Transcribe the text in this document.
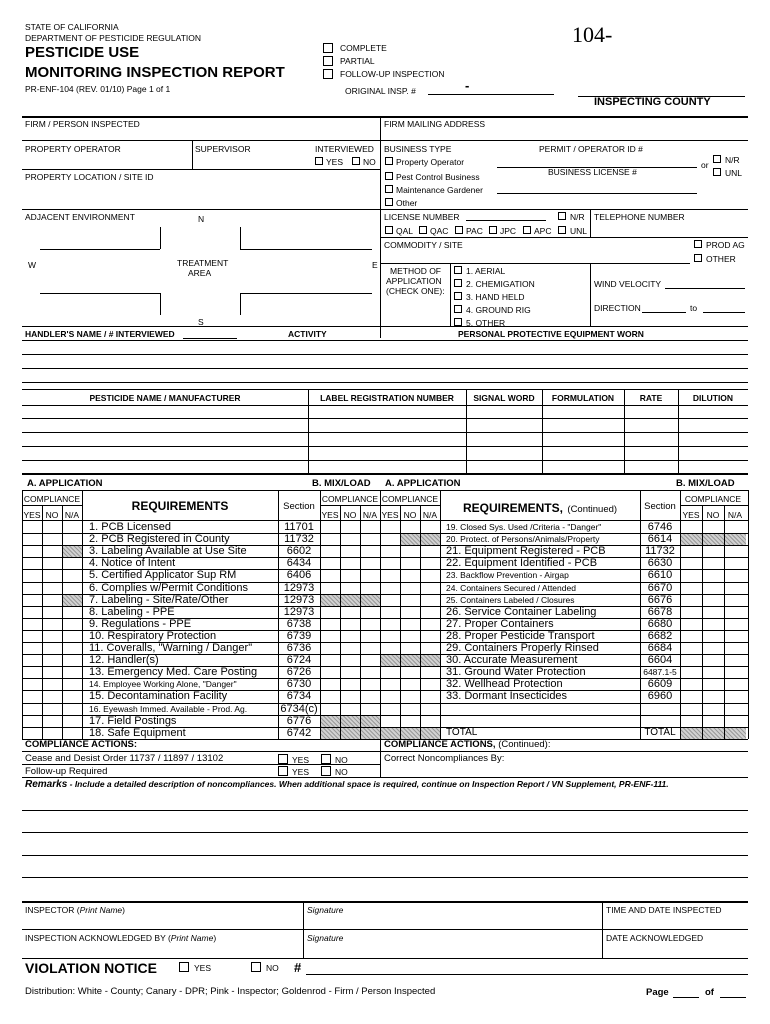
STATE OF CALIFORNIA
DEPARTMENT OF PESTICIDE REGULATION
PESTICIDE USE
MONITORING INSPECTION REPORT
PR-ENF-104 (REV. 01/10) Page 1 of 1
COMPLETE
PARTIAL
FOLLOW-UP INSPECTION
ORIGINAL INSP. #	-
104-
INSPECTING COUNTY
FIRM / PERSON INSPECTED	FIRM MAILING ADDRESS
PROPERTY OPERATOR	SUPERVISOR	INTERVIEWED
YES NO
BUSINESS TYPE	PERMIT / OPERATOR ID #
Property Operator	or N/R
UNL
BUSINESS LICENSE #
PROPERTY LOCATION / SITE ID	Pest Control Business
Maintenance Gardener
Other
ADJACENT ENVIRONMENT	N
W	TREATMENT
AREA
E
S
LICENSE NUMBER	N/R TELEPHONE NUMBER
QAL QAC PAC JPC APC UNL
COMMODITY / SITE	PROD AG
OTHER
METHOD OF
APPLICATION
(CHECK ONE):
1. AERIAL
2. CHEMIGATION
3. HAND HELD
4. GROUND RIG
5. OTHER
WIND VELOCITY
DIRECTION	to
HANDLER'S NAME / # INTERVIEWED	ACTIVITY	PERSONAL PROTECTIVE EQUIPMENT WORN
PESTICIDE NAME / MANUFACTURER	LABEL REGISTRATION NUMBER	SIGNAL WORD	FORMULATION	RATE	DILUTION
A. APPLICATION	B. MIX/LOAD A. APPLICATION	B. MIX/LOAD
COMPLIANCE
YES NO N/A
REQUIREMENTS	Section
COMPLIANCE
YES NO N/A
COMPLIANCE
YES NO N/A	REQUIREMENTS, (Continued)	Section
COMPLIANCE
YES NO	N/A
1. PCB Licensed	11701
2. PCB Registered in County	11732
3. Labeling Available at Use Site	6602
4. Notice of Intent	6434
5. Certified Applicator Sup RM	6406
6. Complies w/Permit Conditions	12973
7. Labeling - Site/Rate/Other	12973
8. Labeling - PPE	12973
9. Regulations - PPE	6738
10. Respiratory Protection	6739
11. Coveralls, "Warning / Danger"	6736
12. Handler(s)	6724
13. Emergency Med. Care Posting	6726
14. Employee Working Alone, "Danger"	6730
15. Decontamination Facility	6734
16. Eyewash Immed. Available - Prod. Ag.	6734(c)
17. Field Postings	6776
18. Safe Equipment	6742
19. Closed Sys. Used /Criteria - "Danger"	6746
20. Protect. of Persons/Animals/Property	6614
21. Equipment Registered - PCB	11732
22. Equipment Identified - PCB	6630
23. Backflow Prevention - Airgap	6610
24. Containers Secured / Attended	6670
25. Containers Labeled / Closures	6676
26. Service Container Labeling	6678
27. Proper Containers	6680
28. Proper Pesticide Transport	6682
29. Containers Properly Rinsed	6684
30. Accurate Measurement	6604
31. Ground Water Protection	6487.1-5
32. Wellhead Protection	6609
33. Dormant Insecticides	6960
TOTAL	TOTAL
COMPLIANCE ACTIONS:	COMPLIANCE ACTIONS, (Continued):
Cease and Desist Order 11737 / 11897 / 13102	YES	NO	Correct Noncompliances By:
Follow-up Required	YES	NO
Remarks - Include a detailed description of noncompliances. When additional space is required, continue on Inspection Report / VN Supplement, PR-ENF-111.
INSPECTOR (Print Name)	Signature	TIME AND DATE INSPECTED
INSPECTION ACKNOWLEDGED BY (Print Name)	Signature	DATE ACKNOWLEDGED
VIOLATION NOTICE	YES	NO #
Distribution: White - County; Canary - DPR; Pink - Inspector; Goldenrod - Firm / Person Inspected	Page	of
